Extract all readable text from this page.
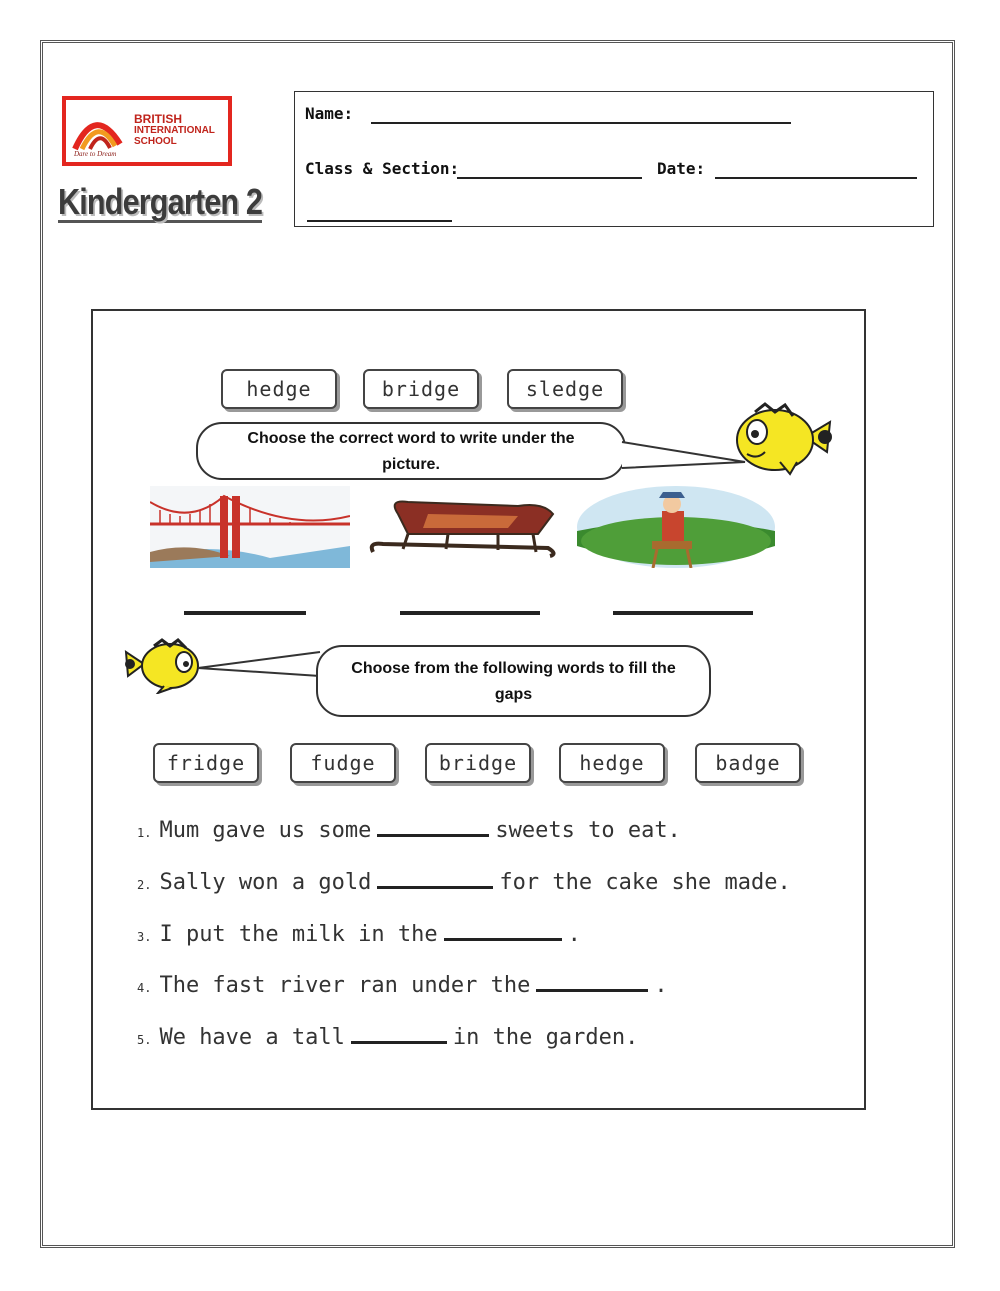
BRITISH
INTERNATIONAL
SCHOOL
Dare to Dream
Kindergarten 2
Name:
Class & Section:	Date:
hedge	bridge	sledge
Choose the correct word to write under the picture.
Choose from the following words to fill the gaps
fridge	fudge	bridge	hedge	badge
1. Mum gave us some	sweets to eat.
2. Sally won a gold	for the cake she made.
3. I put the milk in the	.
4. The fast river ran under the	.
5. We have a tall	in the garden.
